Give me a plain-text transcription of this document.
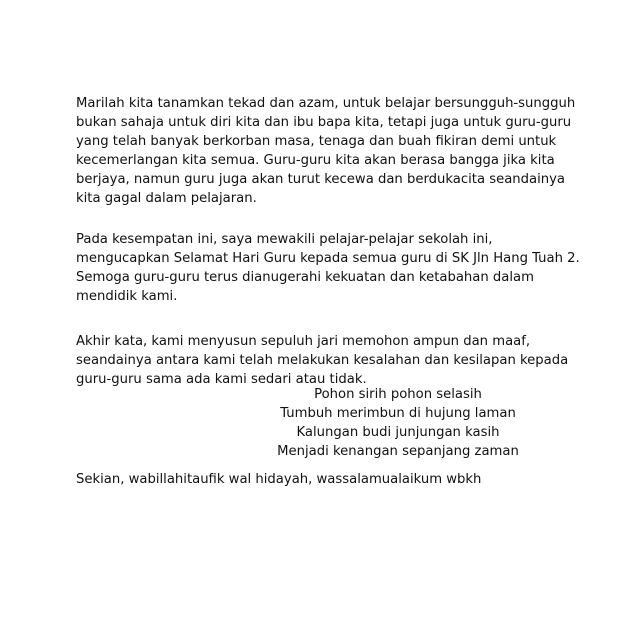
Marilah kita tanamkan tekad dan azam, untuk belajar bersungguh-sungguh
bukan sahaja untuk diri kita dan ibu bapa kita, tetapi juga untuk guru-guru
yang telah banyak berkorban masa, tenaga dan buah fikiran demi untuk
kecemerlangan kita semua. Guru-guru kita akan berasa bangga jika kita
berjaya, namun guru juga akan turut kecewa dan berdukacita seandainya
kita gagal dalam pelajaran.

Pada kesempatan ini, saya mewakili pelajar-pelajar sekolah ini,
mengucapkan Selamat Hari Guru kepada semua guru di SK Jln Hang Tuah 2.
Semoga guru-guru terus dianugerahi kekuatan dan ketabahan dalam
mendidik kami.

Akhir kata, kami menyusun sepuluh jari memohon ampun dan maaf,
seandainya antara kami telah melakukan kesalahan dan kesilapan kepada
guru-guru sama ada kami sedari atau tidak.

Pohon sirih pohon selasih
Tumbuh merimbun di hujung laman
Kalungan budi junjungan kasih
Menjadi kenangan sepanjang zaman

Sekian, wabillahitaufik wal hidayah, wassalamualaikum wbkh
